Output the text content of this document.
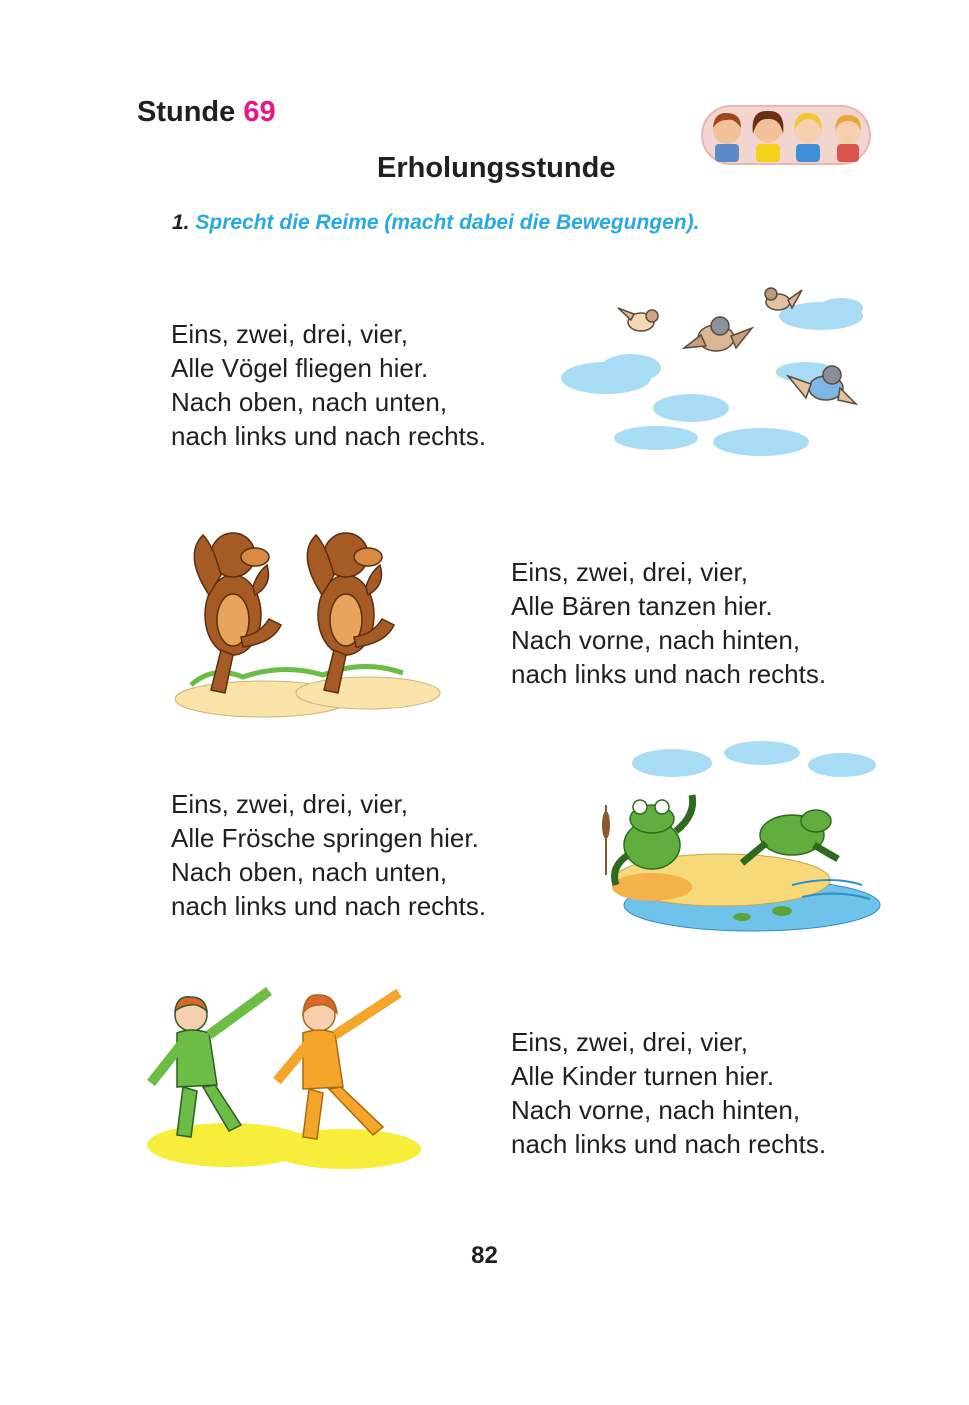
Stunde 69
Erholungsstunde
1. Sprecht die Reime (macht dabei die Bewegungen).
Eins, zwei, drei, vier,
Alle Vögel fliegen hier.
Nach oben, nach unten,
nach links und nach rechts.
Eins, zwei, drei, vier,
Alle Bären tanzen hier.
Nach vorne, nach hinten,
nach links und nach rechts.
Eins, zwei, drei, vier,
Alle Frösche springen hier.
Nach oben, nach unten,
nach links und nach rechts.
Eins, zwei, drei, vier,
Alle Kinder turnen hier.
Nach vorne, nach hinten,
nach links und nach rechts.
82
